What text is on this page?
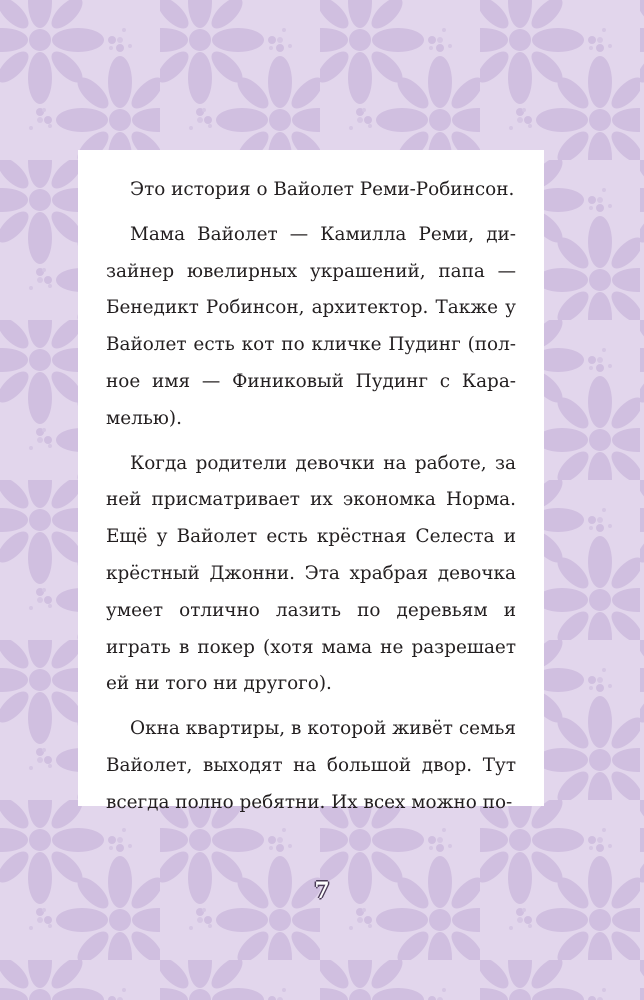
Это история о Вайолет Реми-Робинсон.

Мама Вайолет — Камилла Реми, ди- зайнер ювелирных украшений, папа — Бенедикт Робинсон, архитектор. Также у Вайолет есть кот по кличке Пудинг (пол- ное имя — Финиковый Пудинг с Кара- мелью).

Когда родители девочки на работе, за ней присматривает их экономка Норма. Ещё у Вайолет есть крёстная Селеста и крёстный Джонни. Эта храбрая девочка умеет отлично лазить по деревьям и играть в покер (хотя мама не разрешает ей ни того ни другого).

Окна квартиры, в которой живёт семья Вайолет, выходят на большой двор. Тут всегда полно ребятни. Их всех можно по-

7
